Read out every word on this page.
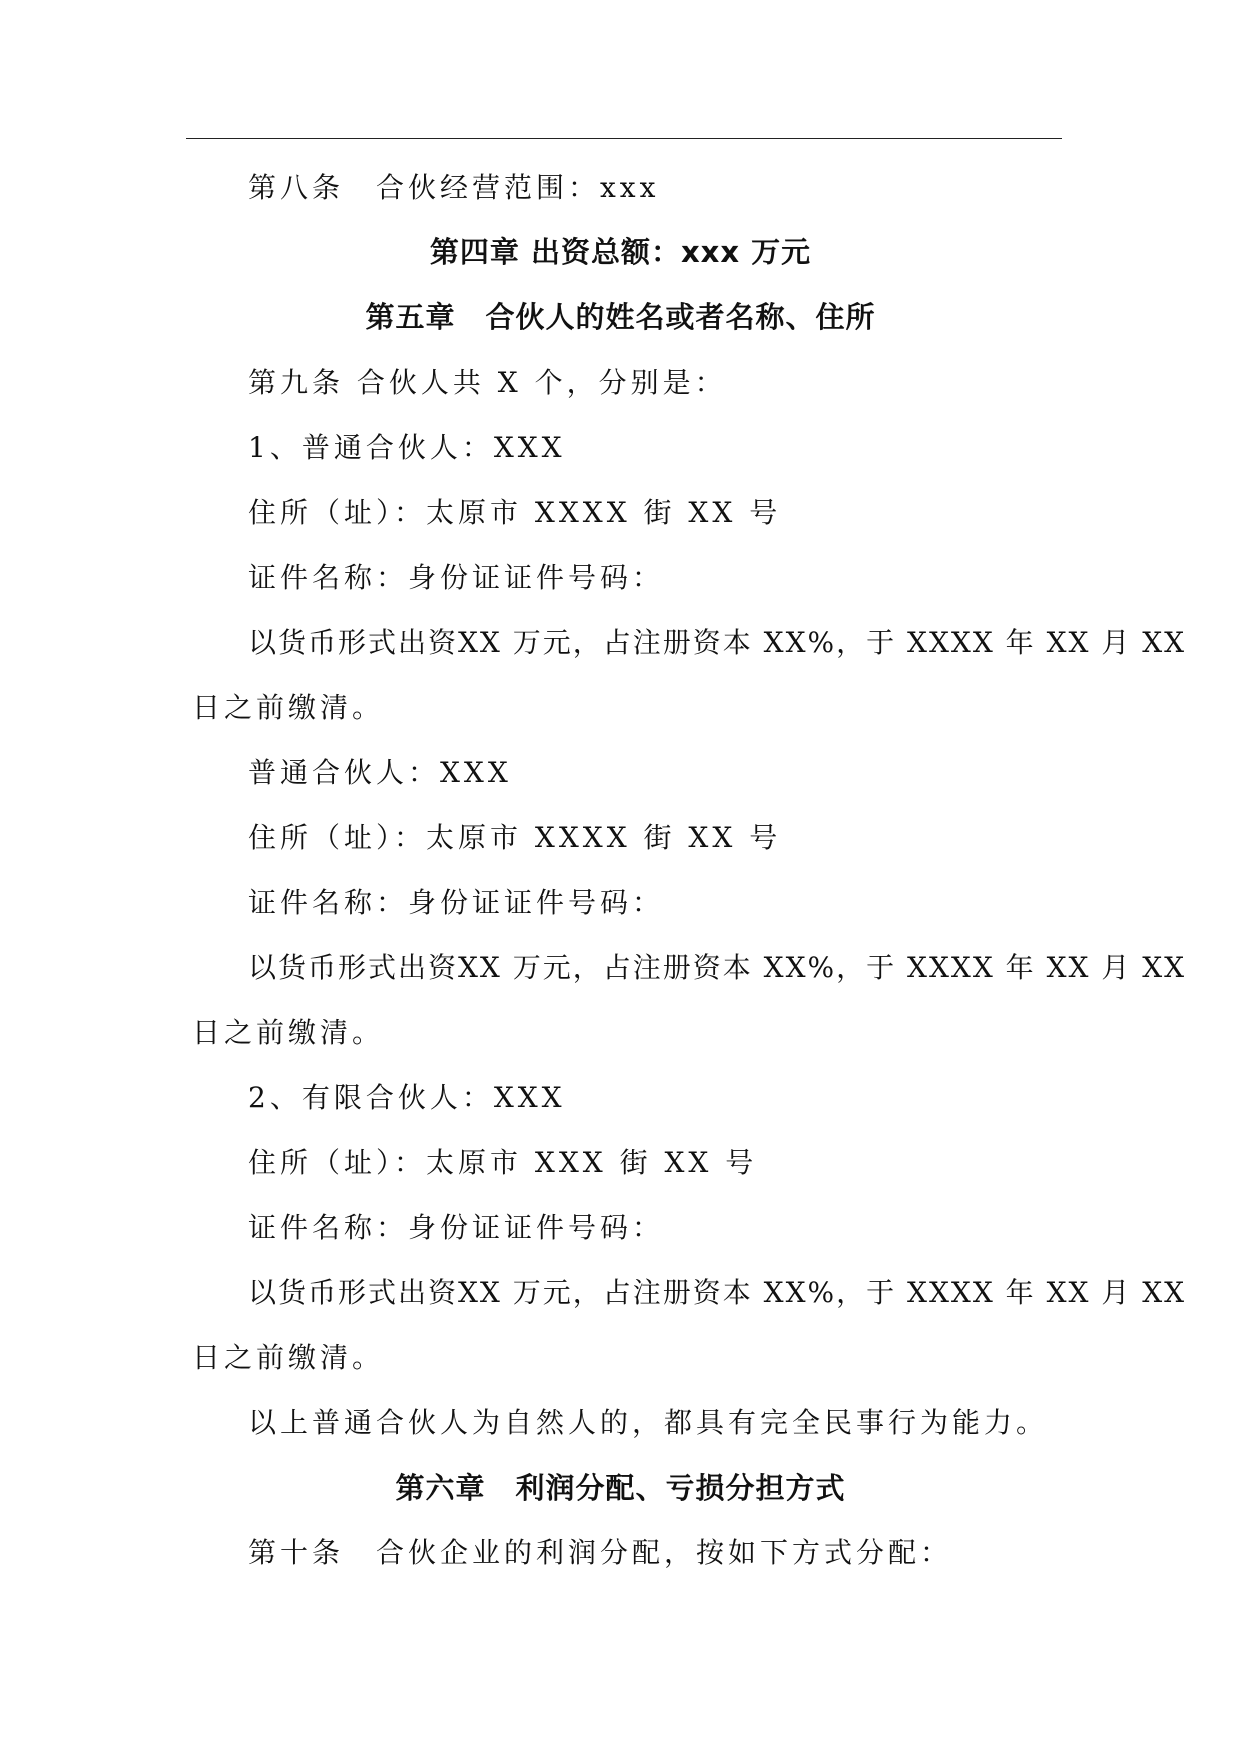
第八条　合伙经营范围：xxx
第四章 出资总额：xxx 万元
第五章　合伙人的姓名或者名称、住所
第九条 合伙人共 X 个，分别是：
1、普通合伙人：XXX
住所（址）：太原市 XXXX 街 XX 号
证件名称：身份证证件号码：
以货币形式出资XX 万元，占注册资本 XX%，于 XXXX 年 XX 月 XX
日之前缴清。
普通合伙人：XXX
住所（址）：太原市 XXXX 街 XX 号
证件名称：身份证证件号码：
以货币形式出资XX 万元，占注册资本 XX%，于 XXXX 年 XX 月 XX
日之前缴清。
2、有限合伙人：XXX
住所（址）：太原市 XXX 街 XX 号
证件名称：身份证证件号码：
以货币形式出资XX 万元，占注册资本 XX%，于 XXXX 年 XX 月 XX
日之前缴清。
以上普通合伙人为自然人的，都具有完全民事行为能力。
第六章　利润分配、亏损分担方式
第十条　合伙企业的利润分配，按如下方式分配：
